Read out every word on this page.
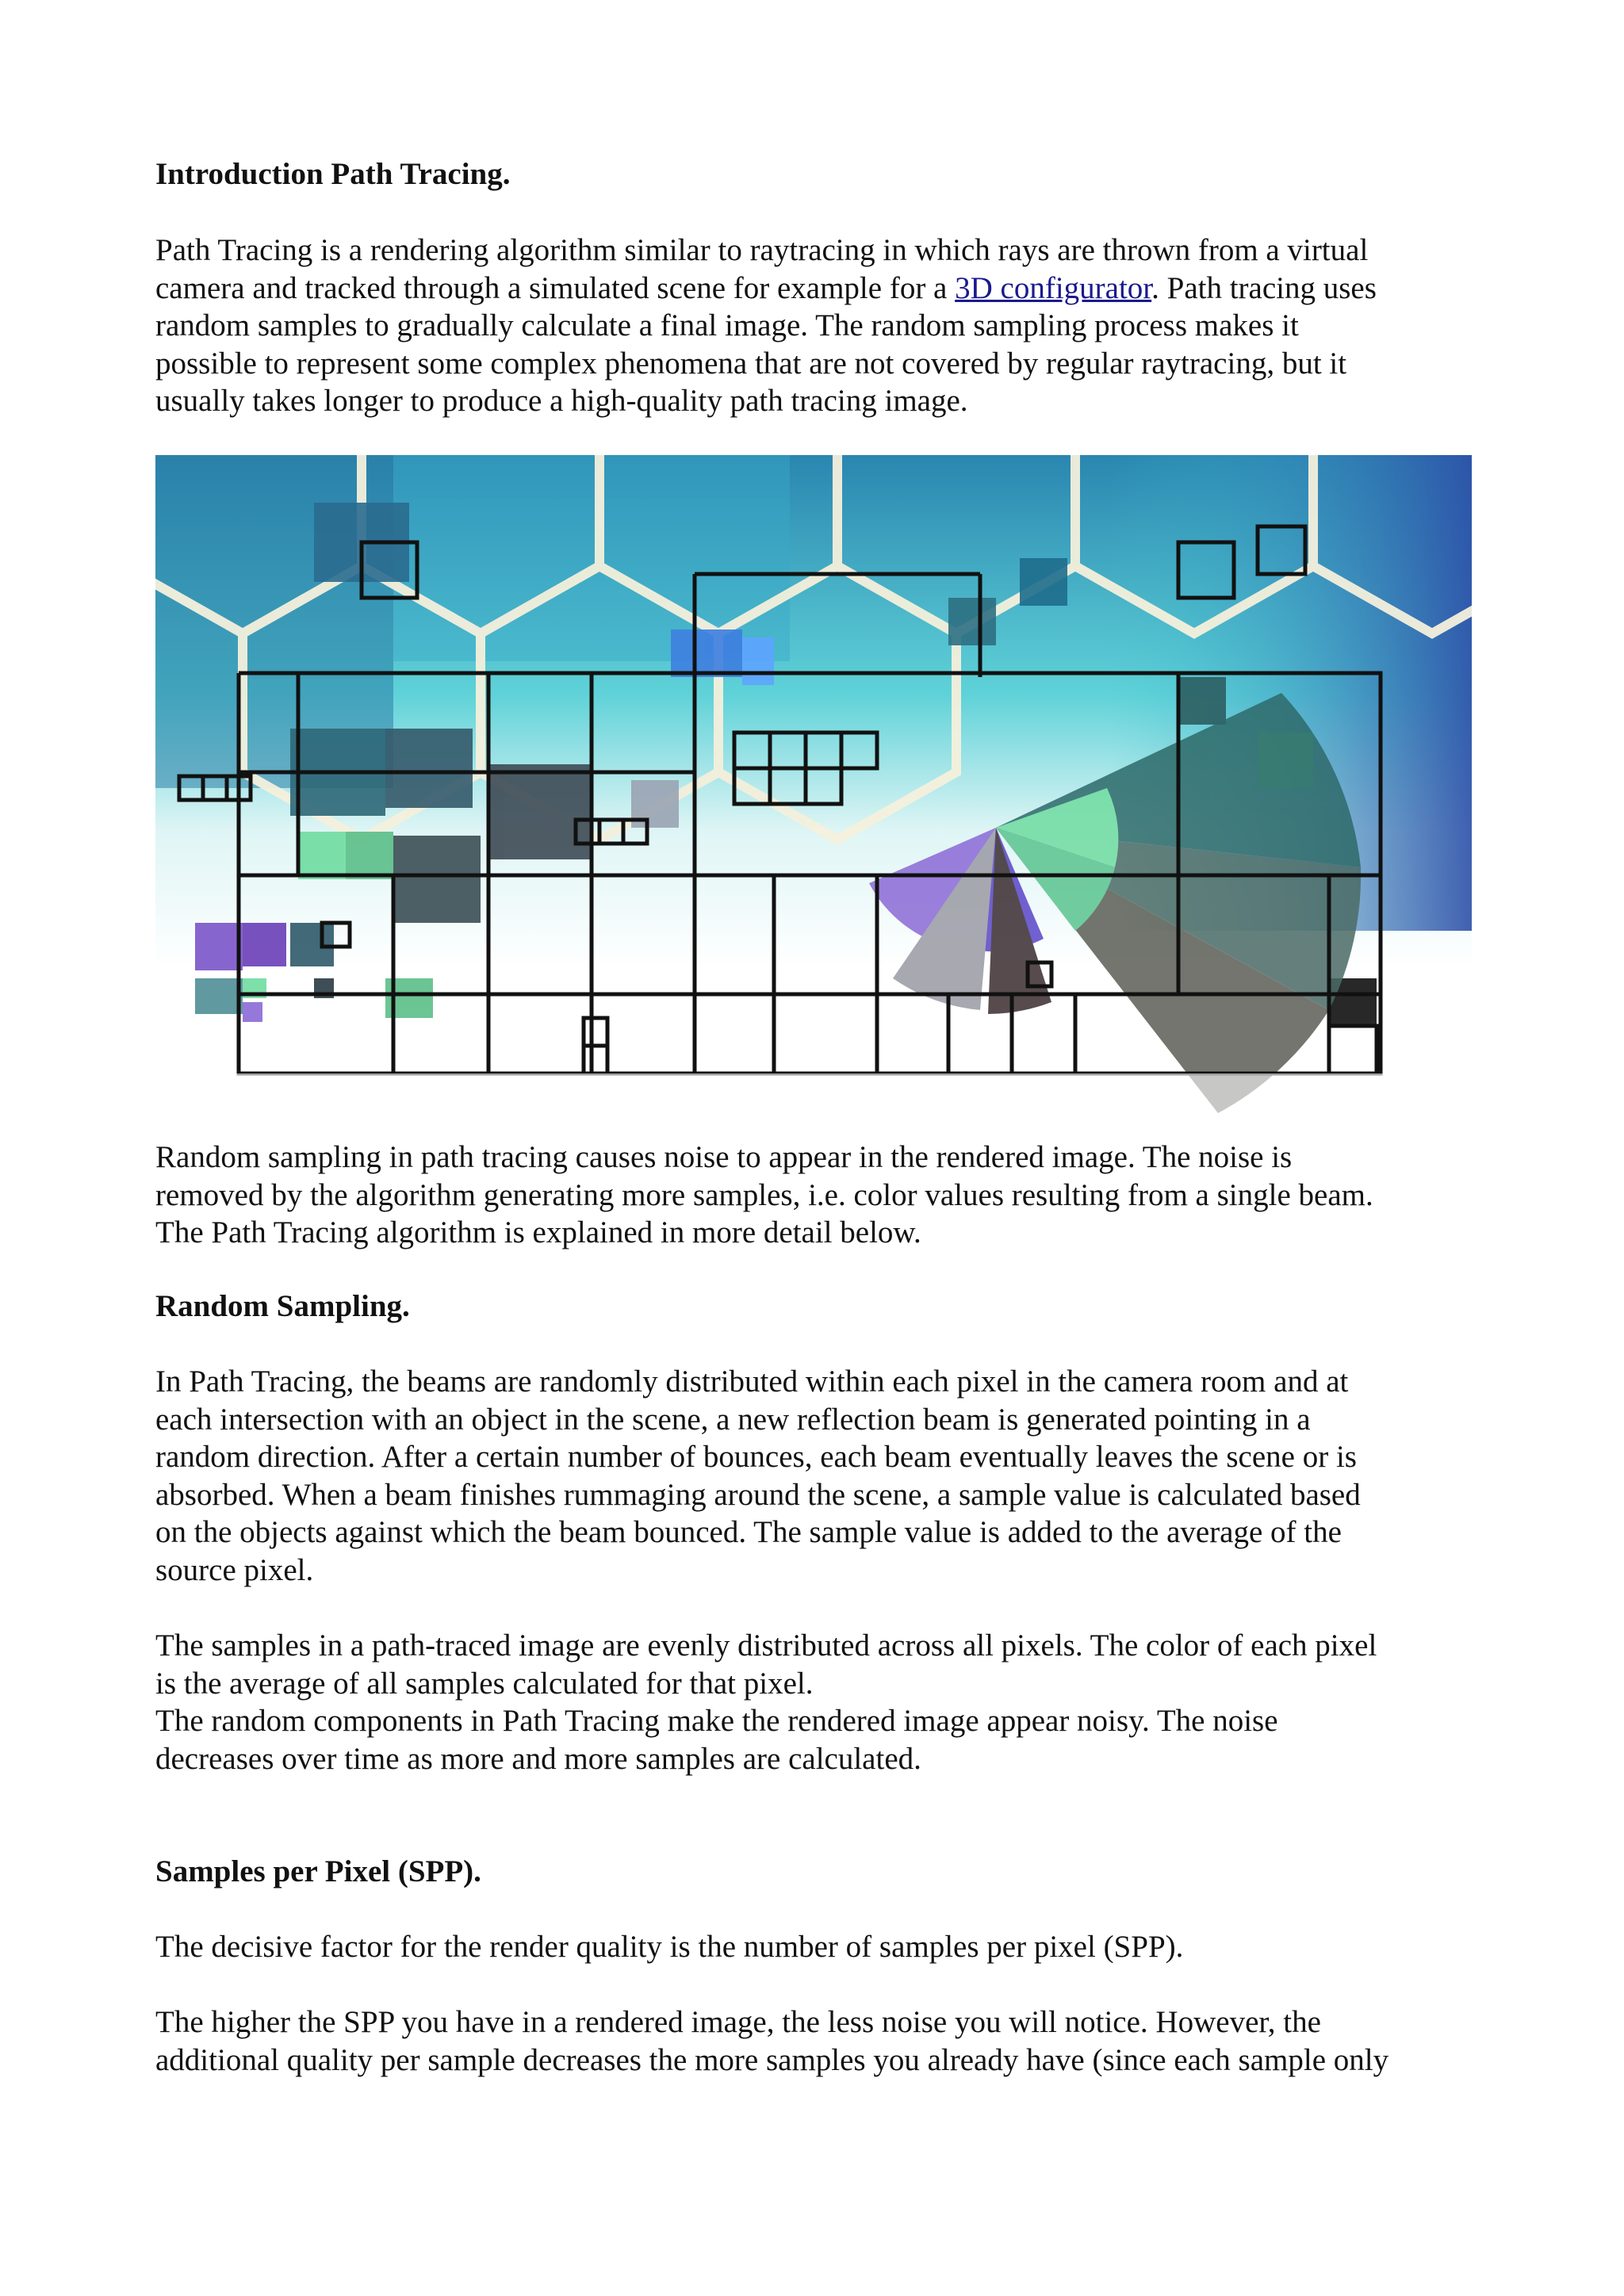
Introduction Path Tracing.

Path Tracing is a rendering algorithm similar to raytracing in which rays are thrown from a virtual
camera and tracked through a simulated scene for example for a 3D configurator. Path tracing uses
random samples to gradually calculate a final image. The random sampling process makes it
possible to represent some complex phenomena that are not covered by regular raytracing, but it
usually takes longer to produce a high-quality path tracing image.

Random sampling in path tracing causes noise to appear in the rendered image. The noise is
removed by the algorithm generating more samples, i.e. color values resulting from a single beam.
The Path Tracing algorithm is explained in more detail below.

Random Sampling.

In Path Tracing, the beams are randomly distributed within each pixel in the camera room and at
each intersection with an object in the scene, a new reflection beam is generated pointing in a
random direction. After a certain number of bounces, each beam eventually leaves the scene or is
absorbed. When a beam finishes rummaging around the scene, a sample value is calculated based
on the objects against which the beam bounced. The sample value is added to the average of the
source pixel.

The samples in a path-traced image are evenly distributed across all pixels. The color of each pixel
is the average of all samples calculated for that pixel.

The random components in Path Tracing make the rendered image appear noisy. The noise
decreases over time as more and more samples are calculated.

Samples per Pixel (SPP).

The decisive factor for the render quality is the number of samples per pixel (SPP).

The higher the SPP you have in a rendered image, the less noise you will notice. However, the
additional quality per sample decreases the more samples you already have (since each sample only
